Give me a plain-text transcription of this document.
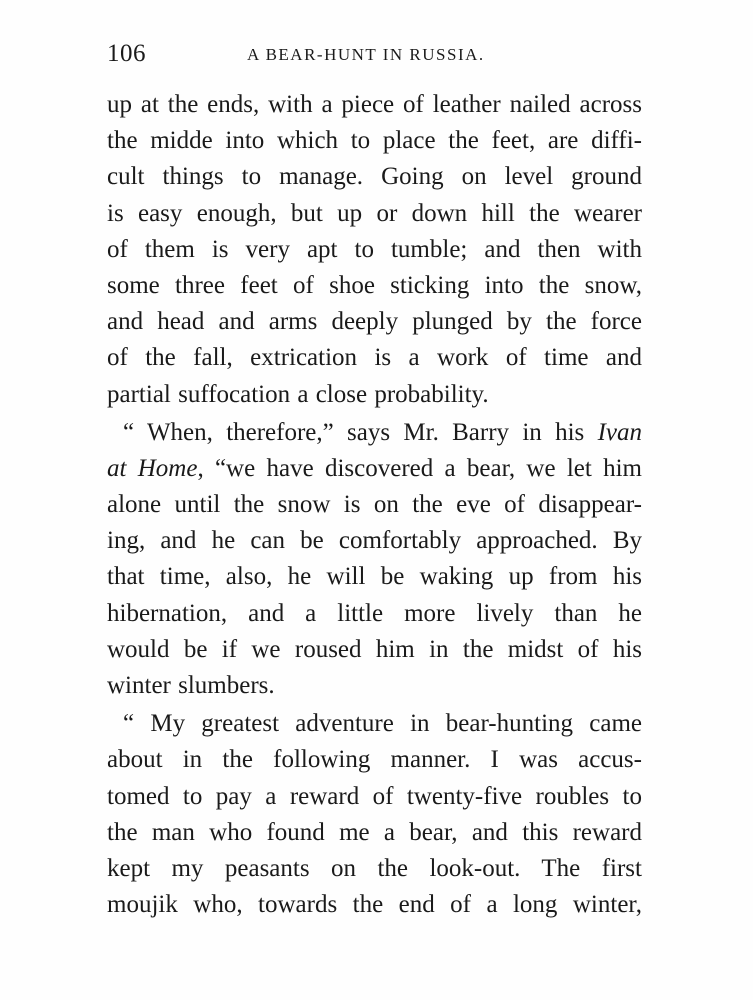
106	A BEAR-HUNT IN RUSSIA.
up at the ends, with a piece of leather nailed across
the midde into which to place the feet, are diffi-
cult things to manage. Going on level ground
is easy enough, but up or down hill the wearer
of them is very apt to tumble; and then with
some three feet of shoe sticking into the snow,
and head and arms deeply plunged by the force
of the fall, extrication is a work of time and
partial suffocation a close probability.
“ When, therefore,” says Mr. Barry in his Ivan
at Home, “we have discovered a bear, we let him
alone until the snow is on the eve of disappear-
ing, and he can be comfortably approached. By
that time, also, he will be waking up from his
hibernation, and a little more lively than he
would be if we roused him in the midst of his
winter slumbers.
“ My greatest adventure in bear-hunting came
about in the following manner. I was accus-
tomed to pay a reward of twenty-five roubles to
the man who found me a bear, and this reward
kept my peasants on the look-out. The first
moujik who, towards the end of a long winter,
